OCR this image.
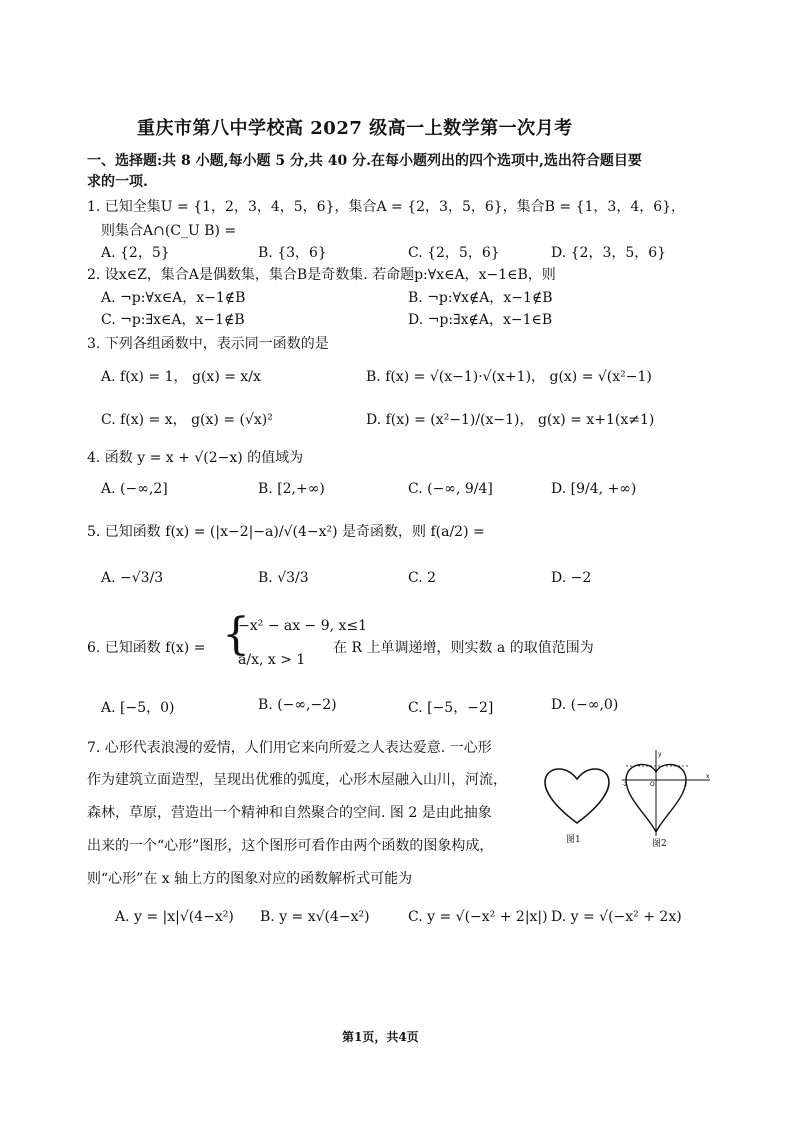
重庆市第八中学校高 2027 级高一上数学第一次月考
一、选择题:共 8 小题,每小题 5 分,共 40 分.在每小题列出的四个选项中,选出符合题目要
求的一项.
1. 已知全集U = {1，2，3，4，5，6}，集合A = {2，3，5，6}，集合B = {1，3，4，6}，
则集合A∩(C_U B) =
A. {2，5}	B. {3，6}	C. {2，5，6}	D. {2，3，5，6}
2. 设x∈Z，集合A是偶数集，集合B是奇数集. 若命题p:∀x∈A，x−1∈B，则
A. ¬p:∀x∈A，x−1∉B	B. ¬p:∀x∉A，x−1∉B
C. ¬p:∃x∈A，x−1∉B	D. ¬p:∃x∉A，x−1∈B
3. 下列各组函数中，表示同一函数的是
A. f(x) = 1， g(x) = x/x	B. f(x) = √(x−1)·√(x+1)， g(x) = √(x²−1)
C. f(x) = x， g(x) = (√x)²	D. f(x) = (x²−1)/(x−1)， g(x) = x+1(x≠1)
4. 函数 y = x + √(2−x) 的值域为
A. (−∞,2]	B. [2,+∞)	C. (−∞, 9/4]	D. [9/4, +∞)
5. 已知函数 f(x) = (|x−2|−a)/√(4−x²) 是奇函数，则 f(a/2) =
A. −√3/3	B. √3/3	C. 2	D. −2
6. 已知函数 f(x) = {
−x² − ax − 9, x≤1
a/x, x > 1
在 R 上单调递增，则实数 a 的取值范围为
A. [−5，0)	B. (−∞,−2)	C. [−5，−2]	D. (−∞,0)
7. 心形代表浪漫的爱情，人们用它来向所爱之人表达爱意. 一心形
作为建筑立面造型，呈现出优雅的弧度，心形木屋融入山川，河流，
森林，草原，营造出一个精神和自然聚合的空间. 图 2 是由此抽象
出来的一个“心形”图形，这个图形可看作由两个函数的图象构成，
则“心形”在 x 轴上方的图象对应的函数解析式可能为
图1
y
x
O
-2	2
图2
A. y = |x|√(4−x²) B. y = x√(4−x²)	C. y = √(−x² + 2|x|) D. y = √(−x² + 2x)
第1页，共4页
